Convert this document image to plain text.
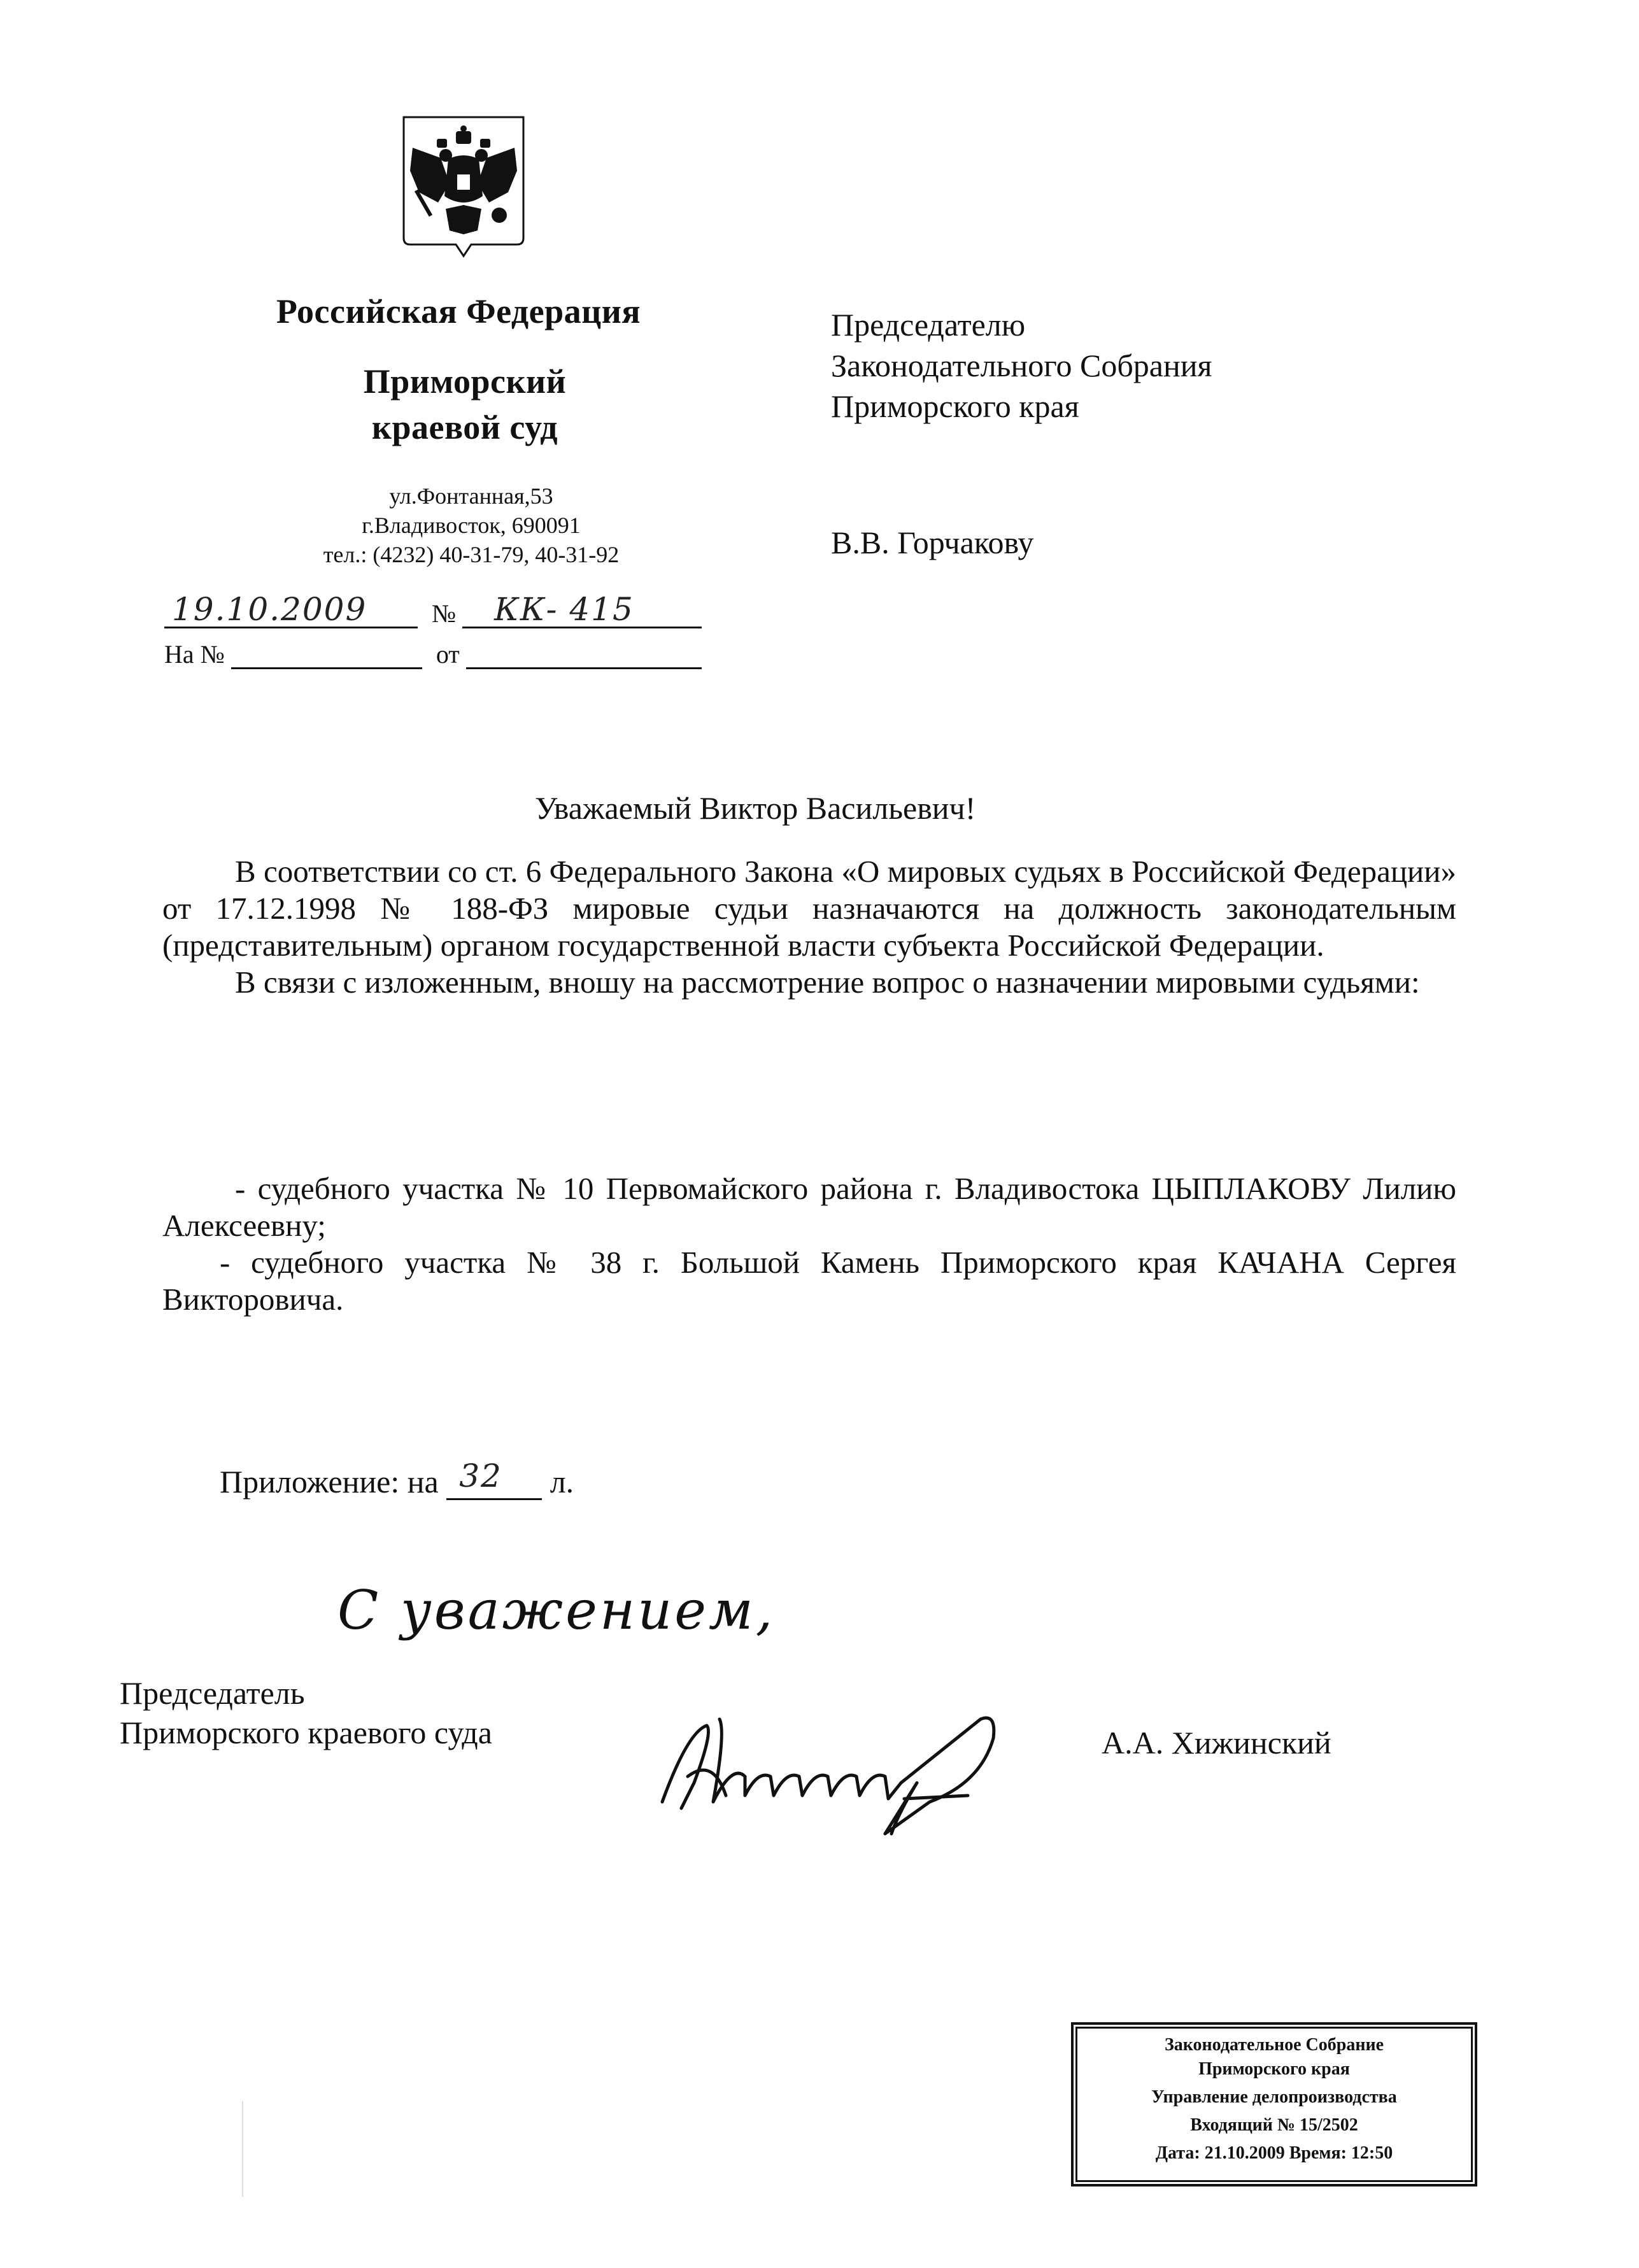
Российская Федерация
Приморский
краевой суд
ул.Фонтанная,53
г.Владивосток, 690091
тел.: (4232) 40-31-79, 40-31-92
19.10.2009	№ КК- 415
На №	от
Председателю
Законодательного Собрания
Приморского края
В.В. Горчакову
Уважаемый Виктор Васильевич!

В соответствии со ст. 6 Федерального Закона «О мировых судьях в Российской Федерации» от 17.12.1998 № 188-ФЗ мировые судьи назначаются на должность законодательным (представительным) органом государственной власти субъекта Российской Федерации.

В связи с изложенным, вношу на рассмотрение вопрос о назначении мировыми судьями:

- судебного участка № 10 Первомайского района г. Владивостока ЦЫПЛАКОВУ Лилию Алексеевну;

- судебного участка № 38 г. Большой Камень Приморского края КАЧАНА Сергея Викторовича.

Приложение: на 32 л.
С уважением,
Председатель
Приморского краевого суда	А.А. Хижинский
Законодательное Собрание
Приморского края
Управление делопроизводства
Входящий № 15/2502
Дата: 21.10.2009 Время: 12:50
